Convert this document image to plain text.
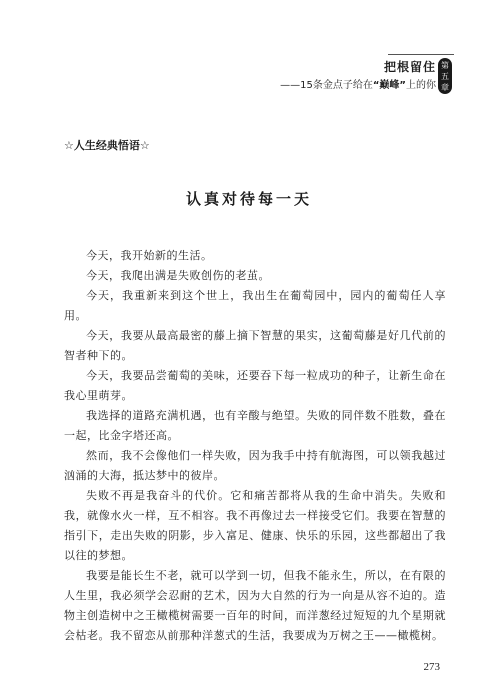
把根留住
——15条金点子给在“巅峰”上的你
第五章
☆人生经典悟语☆
认真对待每一天

今天，我开始新的生活。

今天，我爬出满是失败创伤的老茧。

今天，我重新来到这个世上，我出生在葡萄园中，园内的葡萄任人享用。

今天，我要从最高最密的藤上摘下智慧的果实，这葡萄藤是好几代前的智者种下的。

今天，我要品尝葡萄的美味，还要吞下每一粒成功的种子，让新生命在我心里萌芽。

我选择的道路充满机遇，也有辛酸与绝望。失败的同伴数不胜数，叠在一起，比金字塔还高。

然而，我不会像他们一样失败，因为我手中持有航海图，可以领我越过汹涌的大海，抵达梦中的彼岸。

失败不再是我奋斗的代价。它和痛苦都将从我的生命中消失。失败和我，就像水火一样，互不相容。我不再像过去一样接受它们。我要在智慧的指引下，走出失败的阴影，步入富足、健康、快乐的乐园，这些都超出了我以往的梦想。

我要是能长生不老，就可以学到一切，但我不能永生，所以，在有限的人生里，我必须学会忍耐的艺术，因为大自然的行为一向是从容不迫的。造物主创造树中之王橄榄树需要一百年的时间，而洋葱经过短短的九个星期就会枯老。我不留恋从前那种洋葱式的生活，我要成为万树之王——橄榄树。

273
